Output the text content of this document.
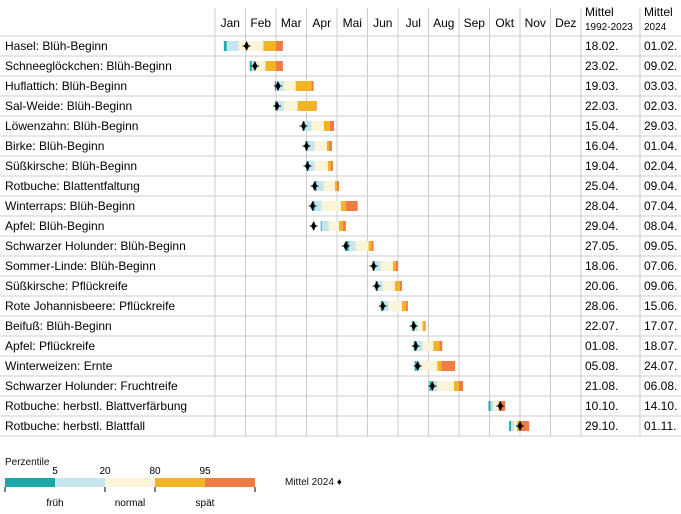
Jan Feb Mar Apr Mai Jun Jul Aug Sep Okt Nov Dez
Mittel
1992-2023
Mittel
2024
Hasel: Blüh-Beginn	18.02. 01.02.
Schneeglöckchen: Blüh-Beginn	23.02. 09.02.
Huflattich: Blüh-Beginn	19.03. 03.03.
Sal-Weide: Blüh-Beginn	22.03. 02.03.
Löwenzahn: Blüh-Beginn	15.04. 29.03.
Birke: Blüh-Beginn	16.04. 01.04.
Süßkirsche: Blüh-Beginn	19.04. 02.04.
Rotbuche: Blattentfaltung	25.04. 09.04.
Winterraps: Blüh-Beginn	28.04. 07.04.
Apfel: Blüh-Beginn	29.04. 08.04.
Schwarzer Holunder: Blüh-Beginn	27.05. 09.05.
Sommer-Linde: Blüh-Beginn	18.06. 07.06.
Süßkirsche: Pflückreife	20.06. 09.06.
Rote Johannisbeere: Pflückreife	28.06. 15.06.
Beifuß: Blüh-Beginn	22.07. 17.07.
Apfel: Pflückreife	01.08. 18.07.
Winterweizen: Ernte	05.08. 24.07.
Schwarzer Holunder: Fruchtreife	21.08. 06.08.
Rotbuche: herbstl. Blattverfärbung	10.10. 14.10.
Rotbuche: herbstl. Blattfall	29.10. 01.11.
5	20	80	95
früh	normal	spät
Perzentile
Mittel 2024 ♦
